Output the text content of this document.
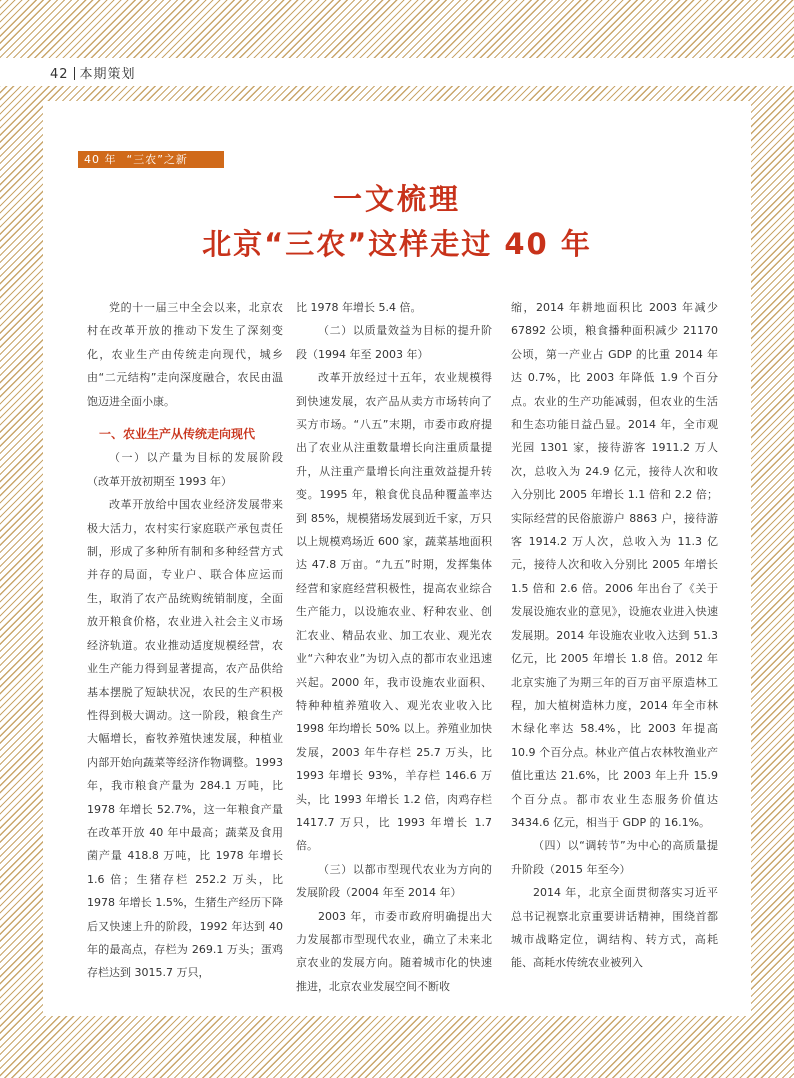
42 本期策划
40 年 “三农”之新
一文梳理
北京“三农”这样走过 40 年

党的十一届三中全会以来，北京农村在改革开放的推动下发生了深刻变化，农业生产由传统走向现代，城乡由“二元结构”走向深度融合，农民由温饱迈进全面小康。

一、农业生产从传统走向现代

（一）以产量为目标的发展阶段（改革开放初期至 1993 年）

改革开放给中国农业经济发展带来极大活力，农村实行家庭联产承包责任制，形成了多种所有制和多种经营方式并存的局面，专业户、联合体应运而生，取消了农产品统购统销制度，全面放开粮食价格，农业进入社会主义市场经济轨道。农业推动适度规模经营，农业生产能力得到显著提高，农产品供给基本摆脱了短缺状况，农民的生产积极性得到极大调动。这一阶段，粮食生产大幅增长，畜牧养殖快速发展，种植业内部开始向蔬菜等经济作物调整。1993 年，我市粮食产量为 284.1 万吨，比 1978 年增长 52.7%，这一年粮食产量在改革开放 40 年中最高；蔬菜及食用菌产量 418.8 万吨，比 1978 年增长 1.6 倍；生猪存栏 252.2 万头，比 1978 年增长 1.5%，生猪生产经历下降后又快速上升的阶段，1992 年达到 40 年的最高点，存栏为 269.1 万头；蛋鸡存栏达到 3015.7 万只，

比 1978 年增长 5.4 倍。

（二）以质量效益为目标的提升阶段（1994 年至 2003 年）

改革开放经过十五年，农业规模得到快速发展，农产品从卖方市场转向了买方市场。“八五”末期，市委市政府提出了农业从注重数量增长向注重质量提升，从注重产量增长向注重效益提升转变。1995 年，粮食优良品种覆盖率达到 85%，规模猪场发展到近千家，万只以上规模鸡场近 600 家，蔬菜基地面积达 47.8 万亩。“九五”时期，发挥集体经营和家庭经营积极性，提高农业综合生产能力，以设施农业、籽种农业、创汇农业、精品农业、加工农业、观光农业“六种农业”为切入点的都市农业迅速兴起。2000 年，我市设施农业面积、特种种植养殖收入、观光农业收入比 1998 年均增长 50% 以上。养殖业加快发展，2003 年牛存栏 25.7 万头，比 1993 年增长 93%，羊存栏 146.6 万头，比 1993 年增长 1.2 倍，肉鸡存栏 1417.7 万只，比 1993 年增长 1.7 倍。

（三）以都市型现代农业为方向的发展阶段（2004 年至 2014 年）

2003 年，市委市政府明确提出大力发展都市型现代农业，确立了未来北京农业的发展方向。随着城市化的快速推进，北京农业发展空间不断收

缩，2014 年耕地面积比 2003 年减少 67892 公顷，粮食播种面积减少 21170 公顷，第一产业占 GDP 的比重 2014 年达 0.7%，比 2003 年降低 1.9 个百分点。农业的生产功能减弱，但农业的生活和生态功能日益凸显。2014 年，全市观光园 1301 家，接待游客 1911.2 万人次，总收入为 24.9 亿元，接待人次和收入分别比 2005 年增长 1.1 倍和 2.2 倍；实际经营的民俗旅游户 8863 户，接待游客 1914.2 万人次，总收入为 11.3 亿元，接待人次和收入分别比 2005 年增长 1.5 倍和 2.6 倍。2006 年出台了《关于发展设施农业的意见》，设施农业进入快速发展期。2014 年设施农业收入达到 51.3 亿元，比 2005 年增长 1.8 倍。2012 年北京实施了为期三年的百万亩平原造林工程，加大植树造林力度，2014 年全市林木绿化率达 58.4%，比 2003 年提高 10.9 个百分点。林业产值占农林牧渔业产值比重达 21.6%，比 2003 年上升 15.9 个百分点。都市农业生态服务价值达 3434.6 亿元，相当于 GDP 的 16.1%。

（四）以“调转节”为中心的高质量提升阶段（2015 年至今）

2014 年，北京全面贯彻落实习近平总书记视察北京重要讲话精神，围绕首都城市战略定位，调结构、转方式，高耗能、高耗水传统农业被列入
